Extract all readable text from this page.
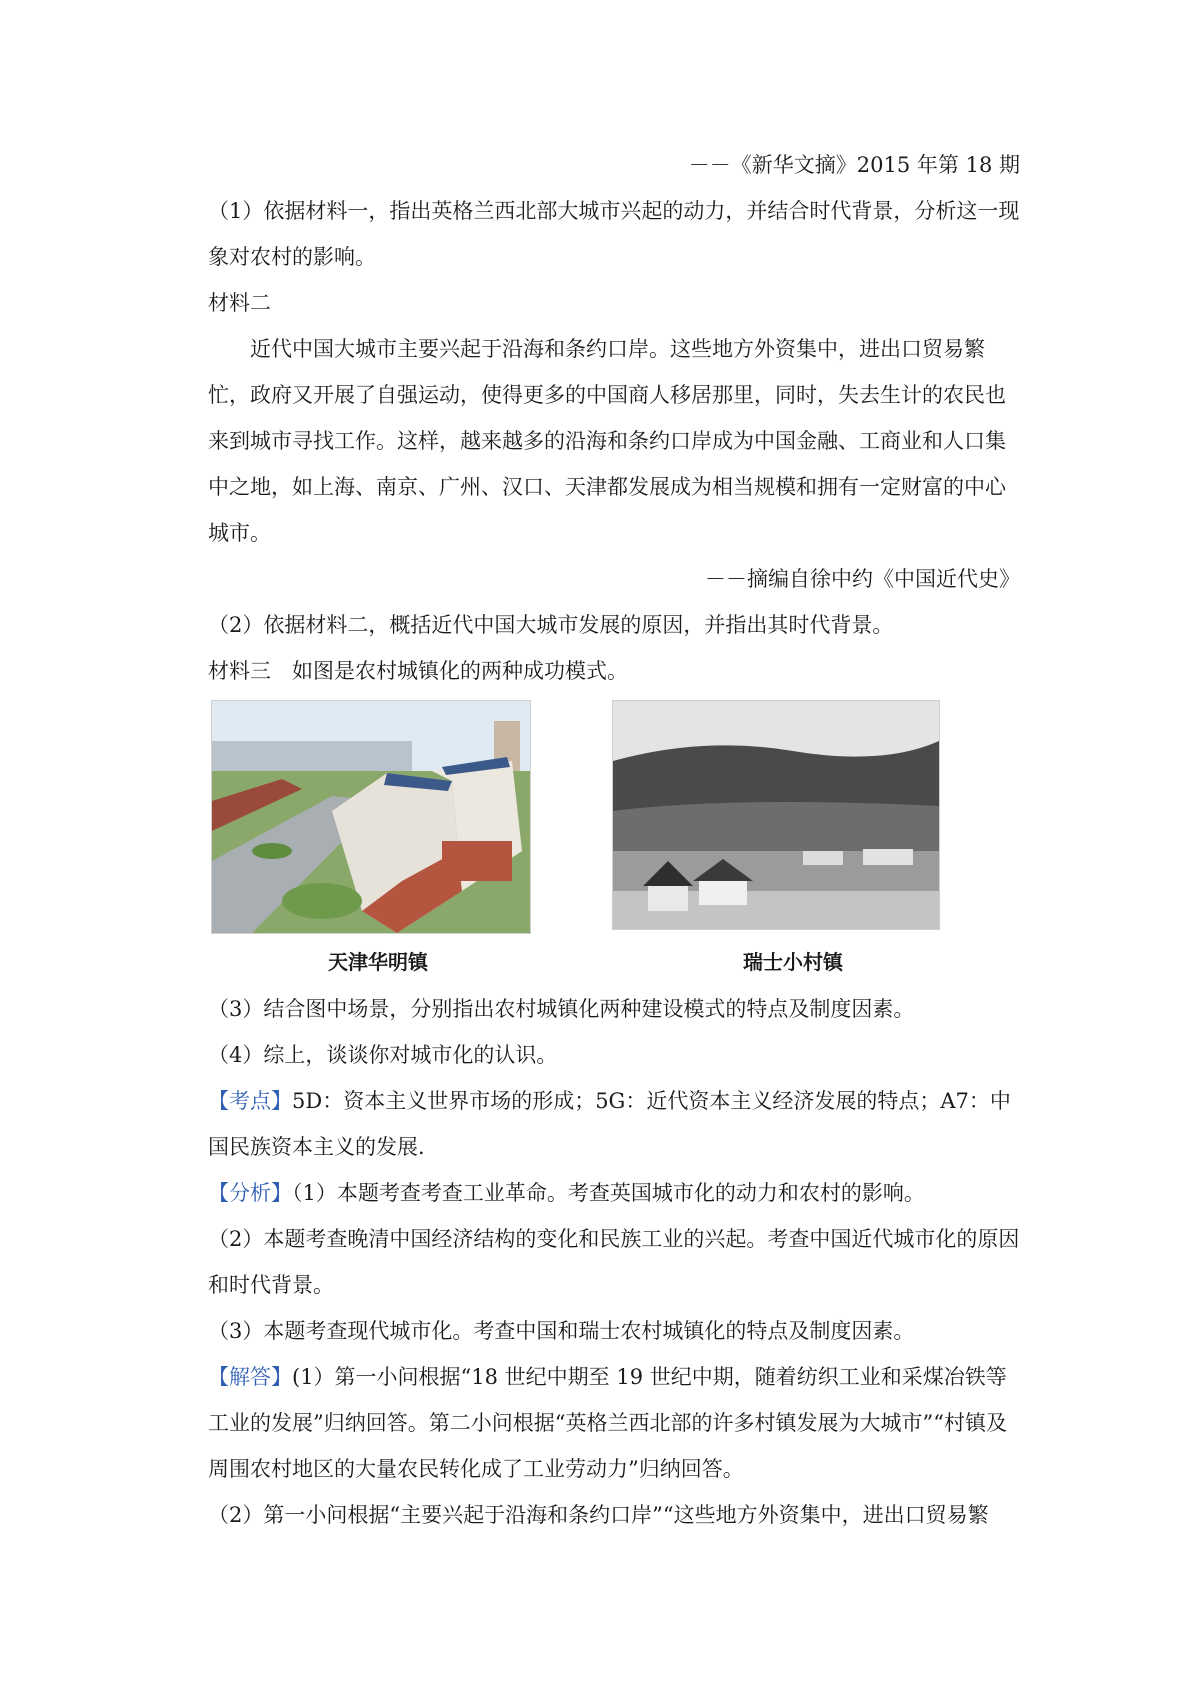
－－《新华文摘》2015 年第 18 期

（1）依据材料一，指出英格兰西北部大城市兴起的动力，并结合时代背景，分析这一现象对农村的影响。

材料二

近代中国大城市主要兴起于沿海和条约口岸。这些地方外资集中，进出口贸易繁忙，政府又开展了自强运动，使得更多的中国商人移居那里，同时，失去生计的农民也来到城市寻找工作。这样，越来越多的沿海和条约口岸成为中国金融、工商业和人口集中之地，如上海、南京、广州、汉口、天津都发展成为相当规模和拥有一定财富的中心城市。

－－摘编自徐中约《中国近代史》

（2）依据材料二，概括近代中国大城市发展的原因，并指出其时代背景。

材料三　如图是农村城镇化的两种成功模式。

天津华明镇	瑞士小村镇

（3）结合图中场景，分别指出农村城镇化两种建设模式的特点及制度因素。

（4）综上，谈谈你对城市化的认识。

【考点】5D：资本主义世界市场的形成；5G：近代资本主义经济发展的特点；A7：中国民族资本主义的发展.

【分析】（1）本题考查考查工业革命。考查英国城市化的动力和农村的影响。

（2）本题考查晚清中国经济结构的变化和民族工业的兴起。考查中国近代城市化的原因和时代背景。

（3）本题考查现代城市化。考查中国和瑞士农村城镇化的特点及制度因素。

【解答】(1）第一小问根据“18 世纪中期至 19 世纪中期，随着纺织工业和采煤冶铁等工业的发展”归纳回答。第二小问根据“英格兰西北部的许多村镇发展为大城市”“村镇及周围农村地区的大量农民转化成了工业劳动力”归纳回答。

（2）第一小问根据“主要兴起于沿海和条约口岸”“这些地方外资集中，进出口贸易繁
